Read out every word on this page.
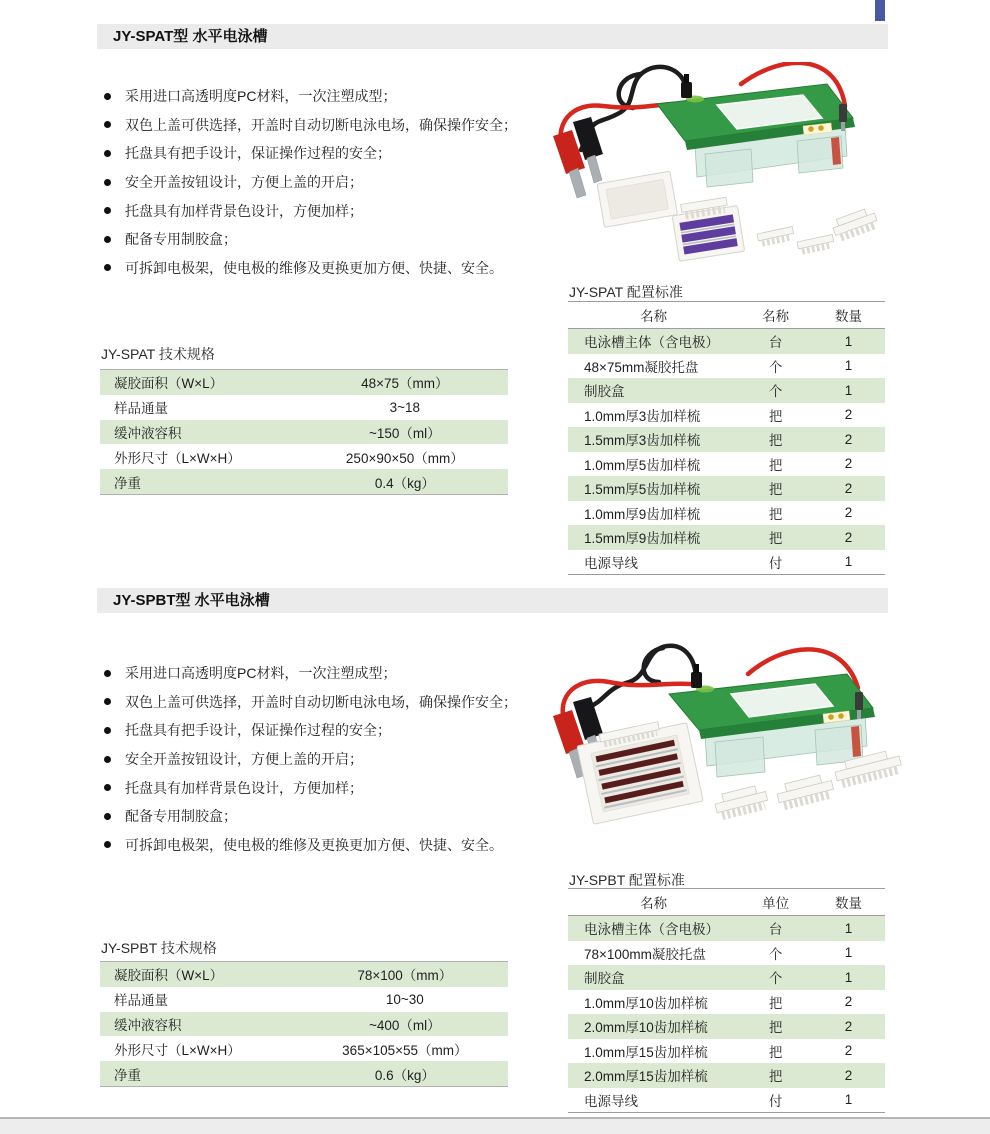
JY-SPAT型 水平电泳槽
采用进口高透明度PC材料，一次注塑成型；
双色上盖可供选择，开盖时自动切断电泳电场，确保操作安全；
托盘具有把手设计，保证操作过程的安全；
安全开盖按钮设计，方便上盖的开启；
托盘具有加样背景色设计，方便加样；
配备专用制胶盒；
可拆卸电极架，使电极的维修及更换更加方便、快捷、安全。
JY-SPAT 技术规格
凝胶面积（W×L）	48×75（mm）
样品通量	3~18
缓冲液容积	~150（ml）
外形尺寸（L×W×H）	250×90×50（mm）
净重	0.4（kg）
JY-SPAT 配置标准
名称	名称	数量
电泳槽主体（含电极）	台	1
48×75mm凝胶托盘	个	1
制胶盒	个	1
1.0mm厚3齿加样梳	把	2
1.5mm厚3齿加样梳	把	2
1.0mm厚5齿加样梳	把	2
1.5mm厚5齿加样梳	把	2
1.0mm厚9齿加样梳	把	2
1.5mm厚9齿加样梳	把	2
电源导线	付	1
JY-SPBT型 水平电泳槽
采用进口高透明度PC材料，一次注塑成型；
双色上盖可供选择，开盖时自动切断电泳电场，确保操作安全；
托盘具有把手设计，保证操作过程的安全；
安全开盖按钮设计，方便上盖的开启；
托盘具有加样背景色设计，方便加样；
配备专用制胶盒；
可拆卸电极架，使电极的维修及更换更加方便、快捷、安全。
JY-SPBT 技术规格
凝胶面积（W×L）	78×100（mm）
样品通量	10~30
缓冲液容积	~400（ml）
外形尺寸（L×W×H）	365×105×55（mm）
净重	0.6（kg）
JY-SPBT 配置标准
名称	单位	数量
电泳槽主体（含电极）	台	1
78×100mm凝胶托盘	个	1
制胶盒	个	1
1.0mm厚10齿加样梳	把	2
2.0mm厚10齿加样梳	把	2
1.0mm厚15齿加样梳	把	2
2.0mm厚15齿加样梳	把	2
电源导线	付	1
